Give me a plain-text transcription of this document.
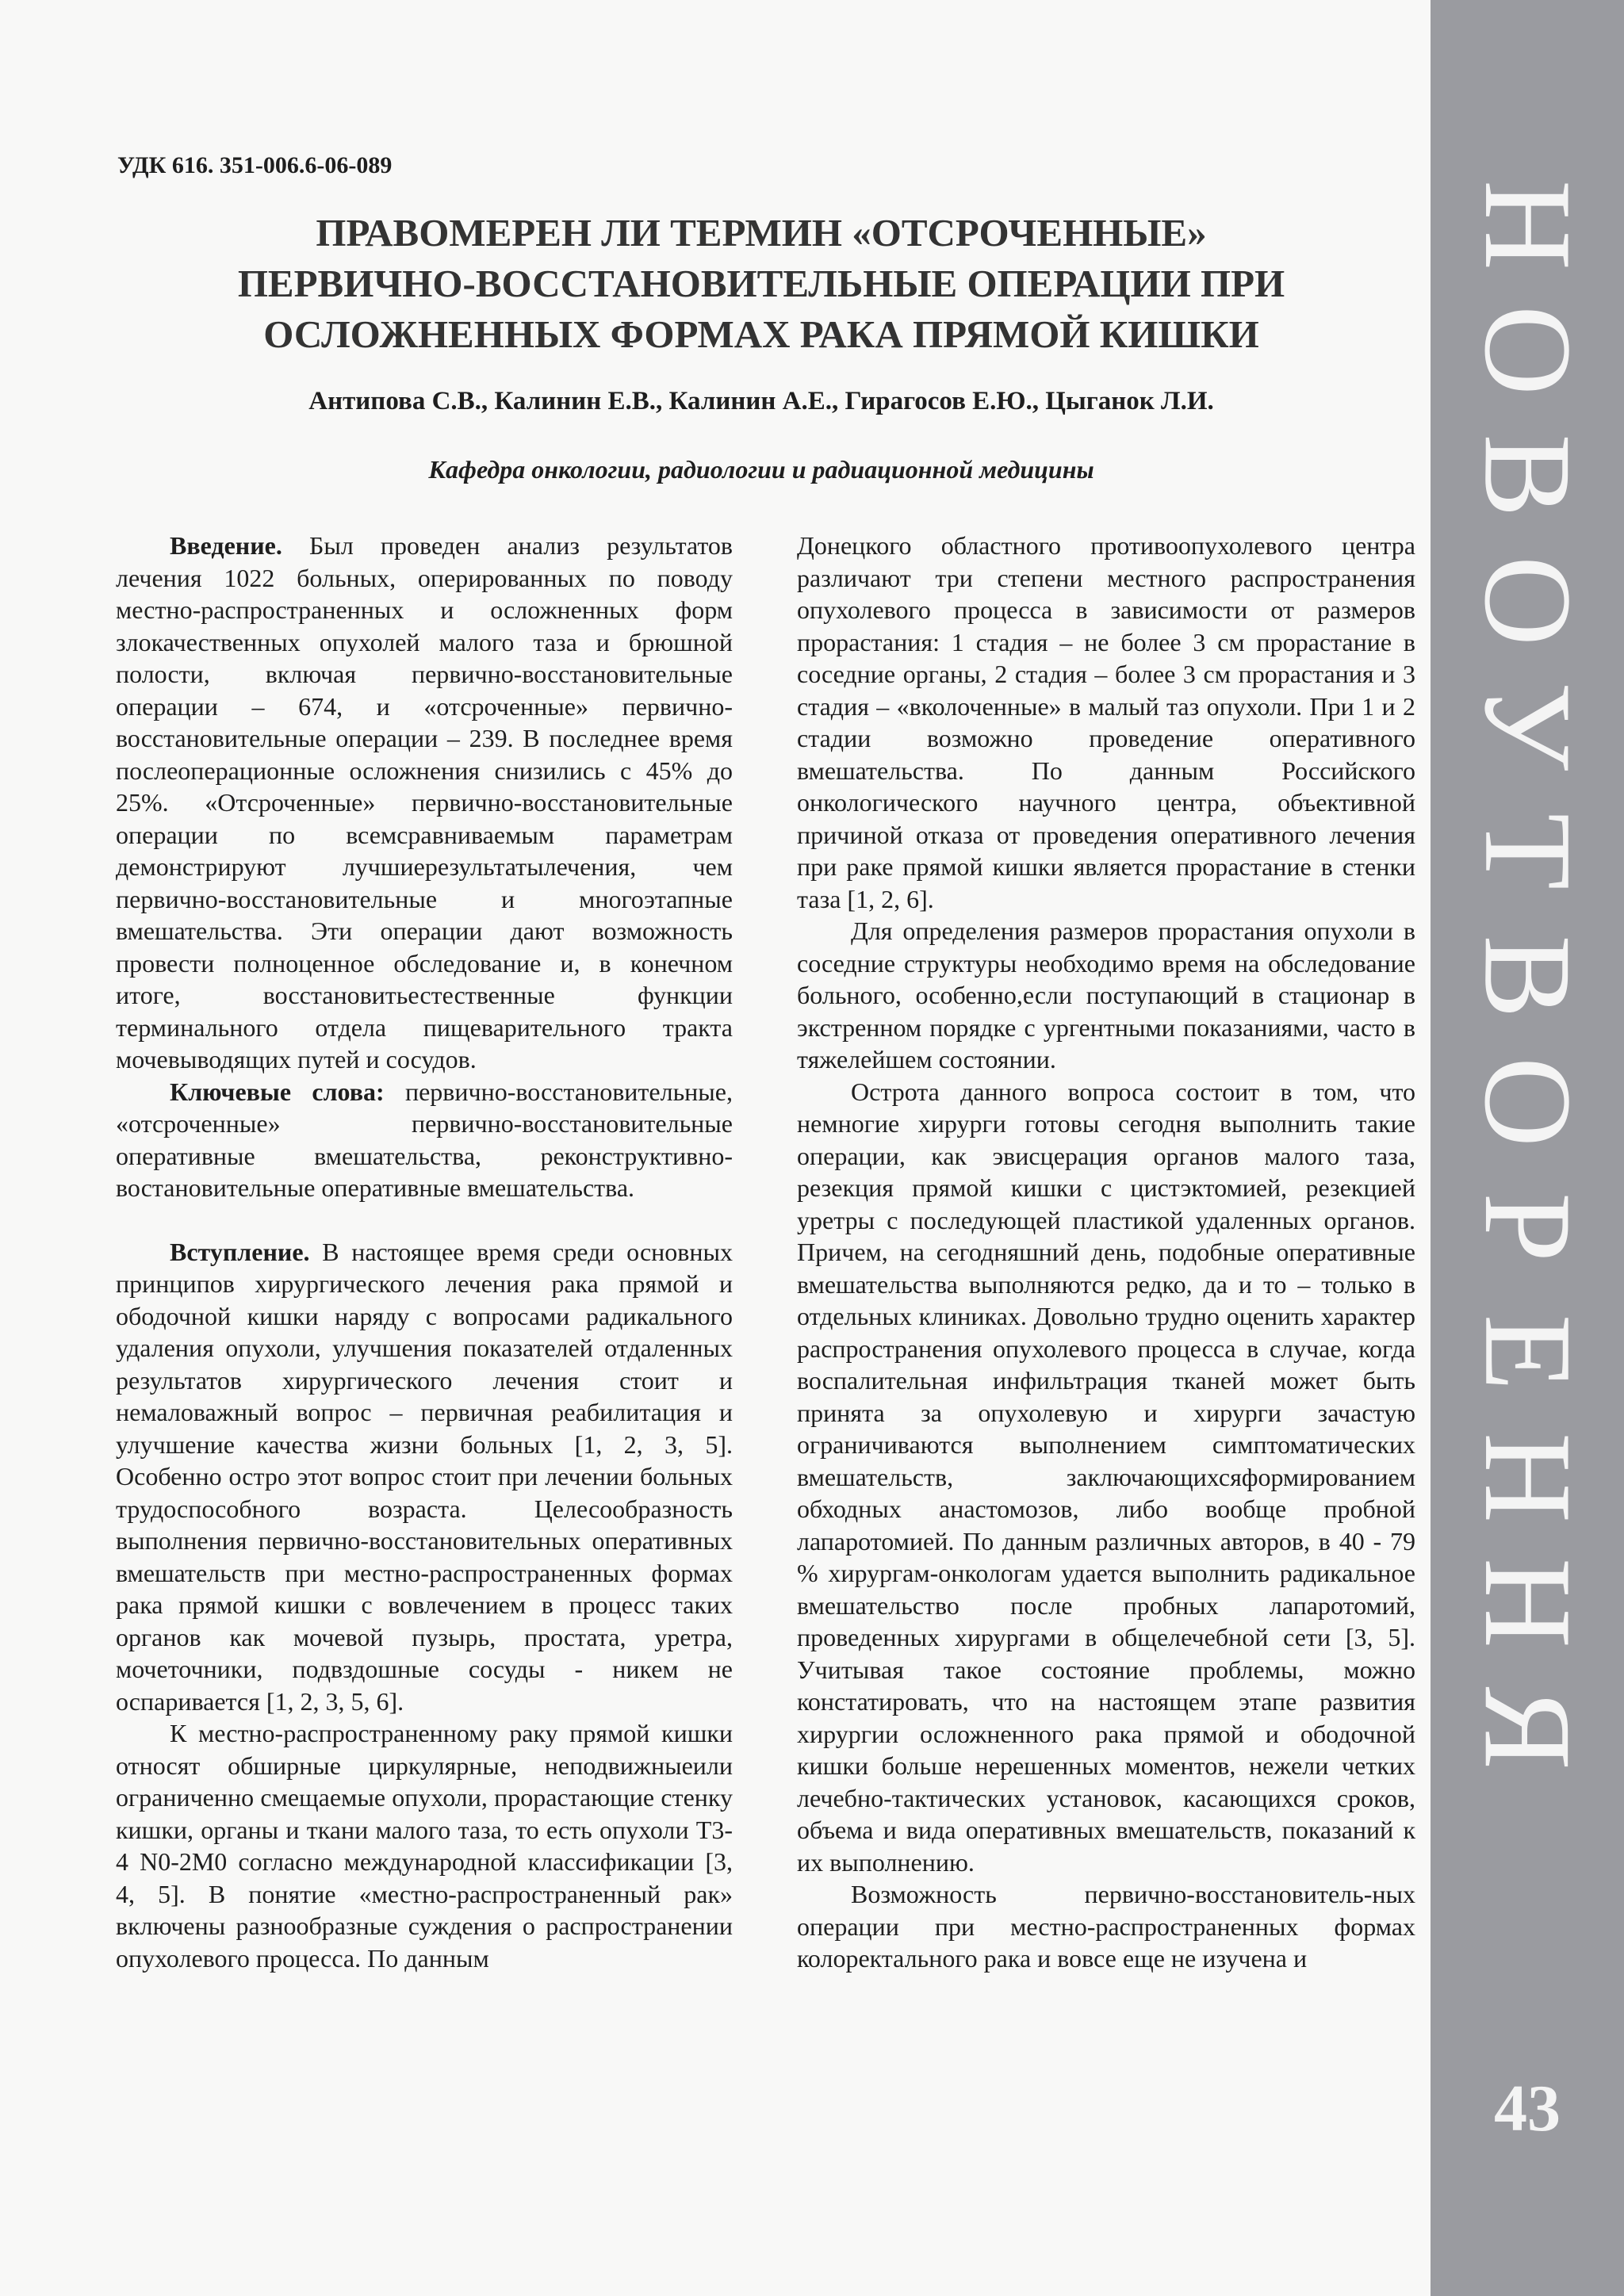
Н
О
В
О
У
Т
В
О
Р
Е
Н
Н
Я
43
УДК 616. 351-006.6-06-089
ПРАВОМЕРЕН ЛИ ТЕРМИН «ОТСРОЧЕННЫЕ»
ПЕРВИЧНО-ВОССТАНОВИТЕЛЬНЫЕ ОПЕРАЦИИ ПРИ
ОСЛОЖНЕННЫХ ФОРМАХ РАКА ПРЯМОЙ КИШКИ
Антипова С.В., Калинин Е.В., Калинин А.Е., Гирагосов Е.Ю., Цыганок Л.И.
Кафедра онкологии, радиологии и радиационной медицины

Введение. Был проведен анализ результатов лечения 1022 больных, оперированных по поводу местно-распространенных и осложненных форм злокачественных опухолей малого таза и брюшной полости, включая первично-восстановительные операции – 674, и «отсроченные» первично-восстановительные операции – 239. В последнее время послеоперационные осложнения снизились с 45% до 25%. «Отсроченные» первично-восстановительные операции по всемсравниваемым параметрам демонстрируют лучшиерезультатылечения, чем первично-восстановительные и многоэтапные вмешательства. Эти операции дают возможность провести полноценное обследование и, в конечном итоге, восстановитьестественные функции терминального отдела пищеварительного тракта мочевыводящих путей и сосудов.

Ключевые слова: первично-восстановительные, «отсроченные» первично-восстановительные оперативные вмешательства, реконструктивно-востановительные оперативные вмешательства.

Вступление. В настоящее время среди основных принципов хирургического лечения рака прямой и ободочной кишки наряду с вопросами радикального удаления опухоли, улучшения показателей отдаленных результатов хирургического лечения стоит и немаловажный вопрос – первичная реабилитация и улучшение качества жизни больных [1, 2, 3, 5]. Особенно остро этот вопрос стоит при лечении больных трудоспособного возраста. Целесообразность выполнения первично-восстановительных оперативных вмешательств при местно-распространенных формах рака прямой кишки с вовлечением в процесс таких органов как мочевой пузырь, простата, уретра, мочеточники, подвздошные сосуды - никем не оспаривается [1, 2, 3, 5, 6].

К местно-распространенному раку прямой кишки относят обширные циркулярные, неподвижныеили ограниченно смещаемые опухоли, прорастающие стенку кишки, органы и ткани малого таза, то есть опухоли Т3-4 N0-2M0 согласно международной классификации [3, 4, 5]. В понятие «местно-распространенный рак» включены разнообразные суждения о распространении опухолевого процесса. По данным

Донецкого областного противоопухолевого центра различают три степени местного распространения опухолевого процесса в зависимости от размеров прорастания: 1 стадия – не более 3 см прорастание в соседние органы, 2 стадия – более 3 см прорастания и 3 стадия – «вколоченные» в малый таз опухоли. При 1 и 2 стадии возможно проведение оперативного вмешательства. По данным Российского онкологического научного центра, объективной причиной отказа от проведения оперативного лечения при раке прямой кишки является прорастание в стенки таза [1, 2, 6].

Для определения размеров прорастания опухоли в соседние структуры необходимо время на обследование больного, особенно,если поступающий в стационар в экстренном порядке с ургентными показаниями, часто в тяжелейшем состоянии.

Острота данного вопроса состоит в том, что немногие хирурги готовы сегодня выполнить такие операции, как эвисцерация органов малого таза, резекция прямой кишки с цистэктомией, резекцией уретры с последующей пластикой удаленных органов. Причем, на сегодняшний день, подобные оперативные вмешательства выполняются редко, да и то – только в отдельных клиниках. Довольно трудно оценить характер распространения опухолевого процесса в случае, когда воспалительная инфильтрация тканей может быть принята за опухолевую и хирурги зачастую ограничиваются выполнением симптоматических вмешательств, заключающихсяформированием обходных анастомозов, либо вообще пробной лапаротомией. По данным различных авторов, в 40 - 79 % хирургам-онкологам удается выполнить радикальное вмешательство после пробных лапаротомий, проведенных хирургами в общелечебной сети [3, 5]. Учитывая такое состояние проблемы, можно констатировать, что на настоящем этапе развития хирургии осложненного рака прямой и ободочной кишки больше нерешенных моментов, нежели четких лечебно-тактических установок, касающихся сроков, объема и вида оперативных вмешательств, показаний к их выполнению.

Возможность первично-восстановитель-ных операции при местно-распространенных формах колоректального рака и вовсе еще не изучена и
